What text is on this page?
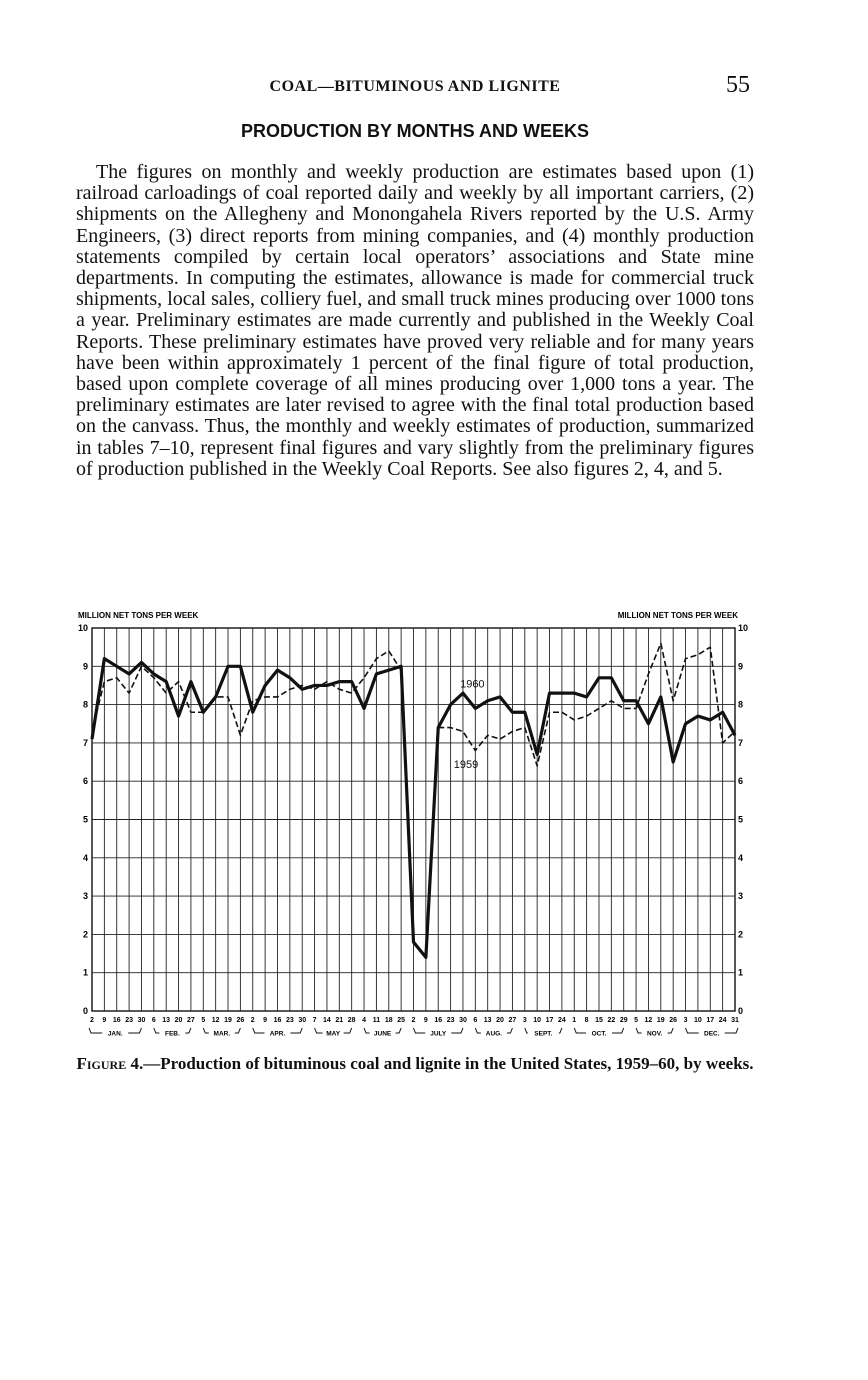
COAL—BITUMINOUS AND LIGNITE	55
PRODUCTION BY MONTHS AND WEEKS

The figures on monthly and weekly production are estimates based upon (1) railroad carloadings of coal reported daily and weekly by all important carriers, (2) shipments on the Allegheny and Monongahela Rivers reported by the U.S. Army Engineers, (3) direct reports from mining companies, and (4) monthly production statements compiled by certain local operators’ associations and State mine departments. In computing the estimates, allowance is made for commercial truck shipments, local sales, colliery fuel, and small truck mines producing over 1000 tons a year. Preliminary estimates are made currently and published in the Weekly Coal Reports. These preliminary estimates have proved very reliable and for many years have been within approximately 1 percent of the final figure of total production, based upon complete coverage of all mines producing over 1,000 tons a year. The preliminary estimates are later revised to agree with the final total production based on the canvass. Thus, the monthly and weekly estimates of production, summarized in tables 7–10, represent final figures and vary slightly from the preliminary figures of production published in the Weekly Coal Reports. See also figures 2, 4, and 5.

0	0
1	1
2	2
3	3
4	4
5	5
6	6
7	7
8	8
9	9
10	10
MILLION NET TONS PER WEEK	MILLION NET TONS PER WEEK
2 9 16 23 30 6 13 20 27 5 12 19 26 2 9 16 23 30 7 14 21 28 4 11 18 25 2 9 16 23 30 6 13 20 27 3 10 17 24 1 8 15 22 29 5 12 19 26 3 10 17 24 31
JAN.	FEB.	MAR.	APR.	MAY	JUNE	JULY	AUG.	SEPT.	OCT.	NOV.	DEC.
1960
1959
Figure 4.—Production of bituminous coal and lignite in the United States, 1959–60, by weeks.
